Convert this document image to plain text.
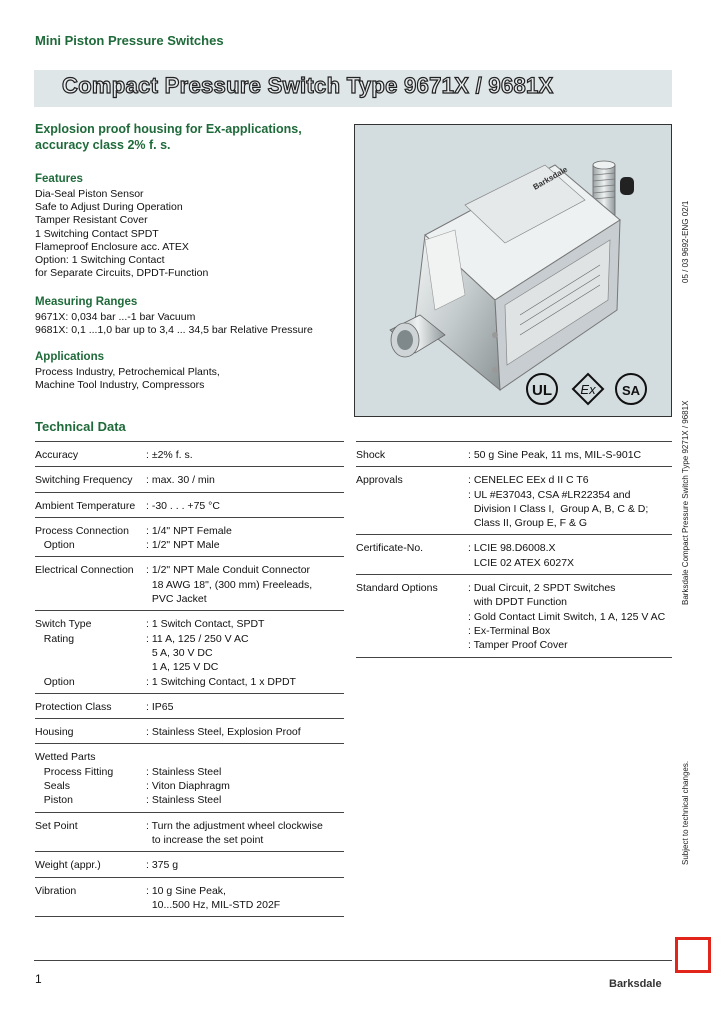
Mini Piston Pressure Switches
Compact Pressure Switch Type 9671X / 9681X
Explosion proof housing for Ex-applications, accuracy class 2% f. s.
Features
Dia-Seal Piston Sensor
Safe to Adjust During Operation
Tamper Resistant Cover
1 Switching Contact SPDT
Flameproof Enclosure acc. ATEX
Option: 1 Switching Contact
for Separate Circuits, DPDT-Function
Measuring Ranges
9671X: 0,034 bar ...-1 bar Vacuum
9681X: 0,1 ...1,0 bar up to 3,4 ... 34,5 bar Relative Pressure
Applications
Process Industry, Petrochemical Plants,
Machine Tool Industry, Compressors
Barksdale
UL Ex SA
Technical Data
Accuracy	: ±2% f. s.
Switching Frequency	: max. 30 / min
Ambient Temperature	: -30 . . . +75 °C
Process Connection	: 1/4" NPT Female
Option	: 1/2" NPT Male
Electrical Connection	: 1/2" NPT Male Conduit Connector
18 AWG 18", (300 mm) Freeleads,
PVC Jacket
Switch Type	: 1 Switch Contact, SPDT
Rating	: 11 A, 125 / 250 V AC
5 A, 30 V DC
1 A, 125 V DC
Option	: 1 Switching Contact, 1 x DPDT
Protection Class	: IP65
Housing	: Stainless Steel, Explosion Proof
Wetted Parts
Process Fitting	: Stainless Steel
Seals	: Viton Diaphragm
Piston	: Stainless Steel
Set Point	: Turn the adjustment wheel clockwise
to increase the set point
Weight (appr.)	: 375 g
Vibration	: 10 g Sine Peak,
10...500 Hz, MIL-STD 202F
Shock	: 50 g Sine Peak, 11 ms, MIL-S-901C
Approvals	: CENELEC EEx d II C T6
: UL #E37043, CSA #LR22354 and
Division I Class I,  Group A, B, C & D;
Class II, Group E, F & G
Certificate-No.	: LCIE 98.D6008.X
LCIE 02 ATEX 6027X
Standard Options	: Dual Circuit, 2 SPDT Switches
with DPDT Function
: Gold Contact Limit Switch, 1 A, 125 V AC
: Ex-Terminal Box
: Tamper Proof Cover
05 / 03 9692-ENG 02/1
Barksdale Compact Pressure Switch Type 9271X / 9681X
Subject to technical changes.
1	Barksdale
